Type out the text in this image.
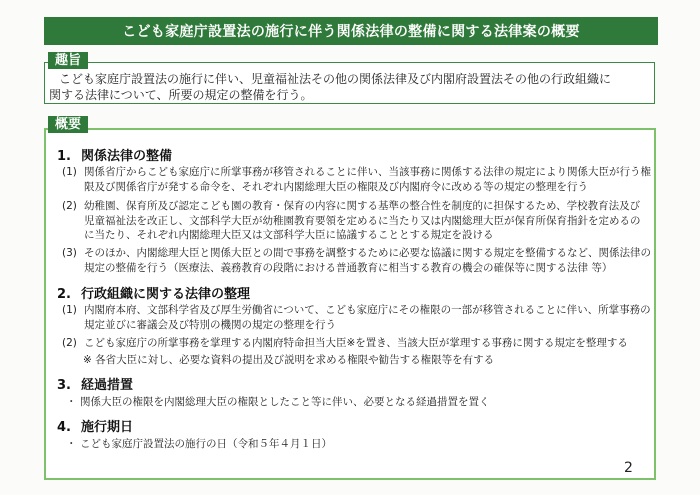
こども家庭庁設置法の施行に伴う関係法律の整備に関する法律案の概要
こども家庭庁設置法の施行に伴い、児童福祉法その他の関係法律及び内閣府設置法その他の行政組織に
関する法律について、所要の規定の整備を行う。
趣旨
概要
1. 関係法律の整備
(1) 関係省庁からこども家庭庁に所掌事務が移管されることに伴い、当該事務に関係する法律の規定により関係大臣が行う権
限及び関係省庁が発する命令を、それぞれ内閣総理大臣の権限及び内閣府令に改める等の規定の整理を行う
(2) 幼稚園、保育所及び認定こども園の教育・保育の内容に関する基準の整合性を制度的に担保するため、学校教育法及び
児童福祉法を改正し、文部科学大臣が幼稚園教育要領を定めるに当たり又は内閣総理大臣が保育所保育指針を定めるの
に当たり、それぞれ内閣総理大臣又は文部科学大臣に協議することとする規定を設ける
(3) そのほか、内閣総理大臣と関係大臣との間で事務を調整するために必要な協議に関する規定を整備するなど、関係法律の
規定の整備を行う（医療法、義務教育の段階における普通教育に相当する教育の機会の確保等に関する法律 等）
2. 行政組織に関する法律の整理
(1) 内閣府本府、文部科学省及び厚生労働省について、こども家庭庁にその権限の一部が移管されることに伴い、所掌事務の
規定並びに審議会及び特別の機関の規定の整理を行う
(2) こども家庭庁の所掌事務を掌理する内閣府特命担当大臣※を置き、当該大臣が掌理する事務に関する規定を整理する
※ 各省大臣に対し、必要な資料の提出及び説明を求める権限や勧告する権限等を有する
3. 経過措置
・ 関係大臣の権限を内閣総理大臣の権限としたこと等に伴い、必要となる経過措置を置く
4. 施行期日
・ こども家庭庁設置法の施行の日（令和５年４月１日）
2
